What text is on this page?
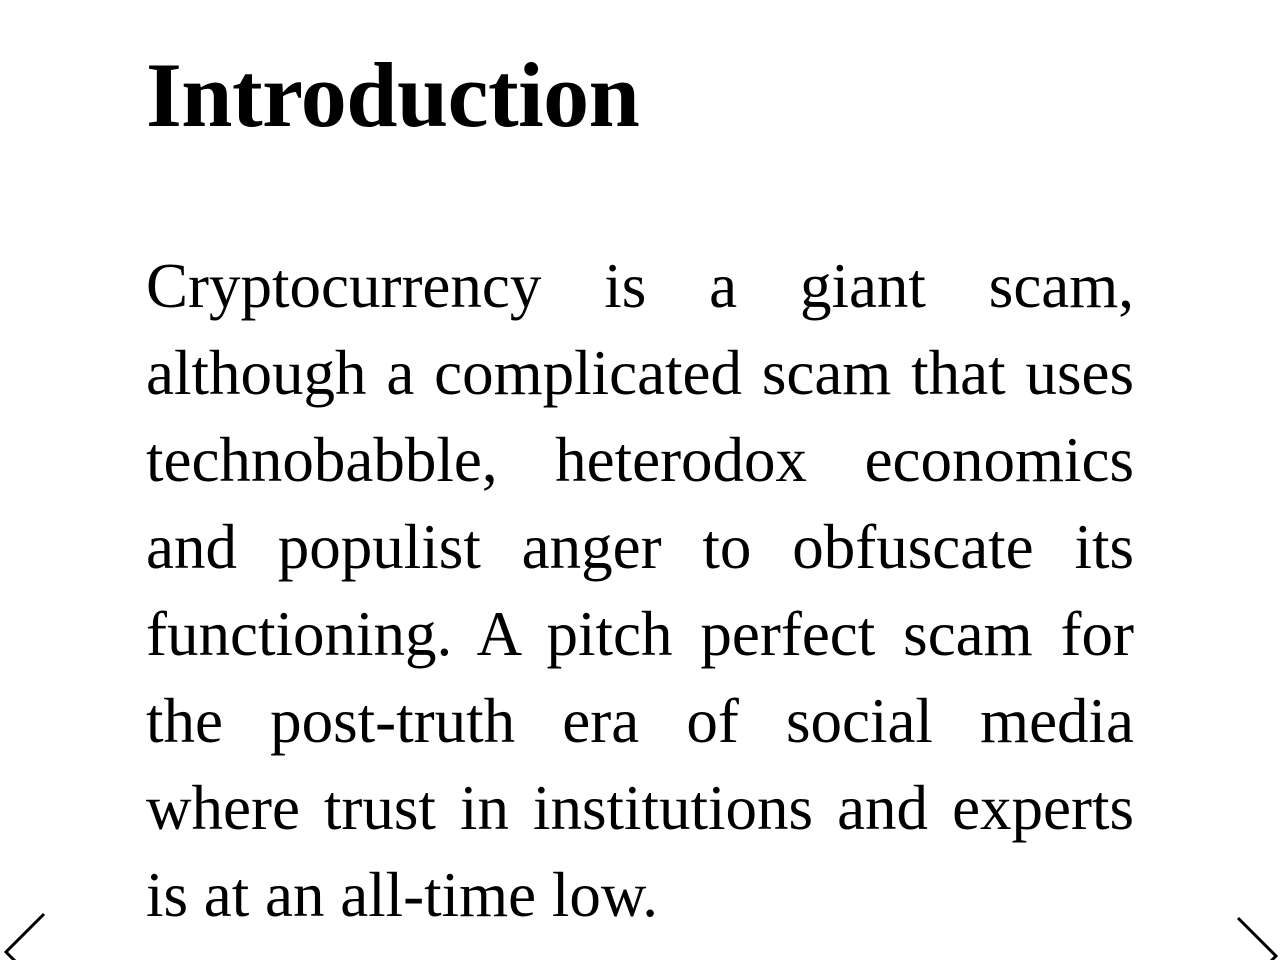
Introduction

Cryptocurrency is a giant scam, although a complicated scam that uses technobabble, heterodox economics and populist anger to obfuscate its functioning. A pitch perfect scam for the post-truth era of social media where trust in institutions and experts is at an all-time low.
